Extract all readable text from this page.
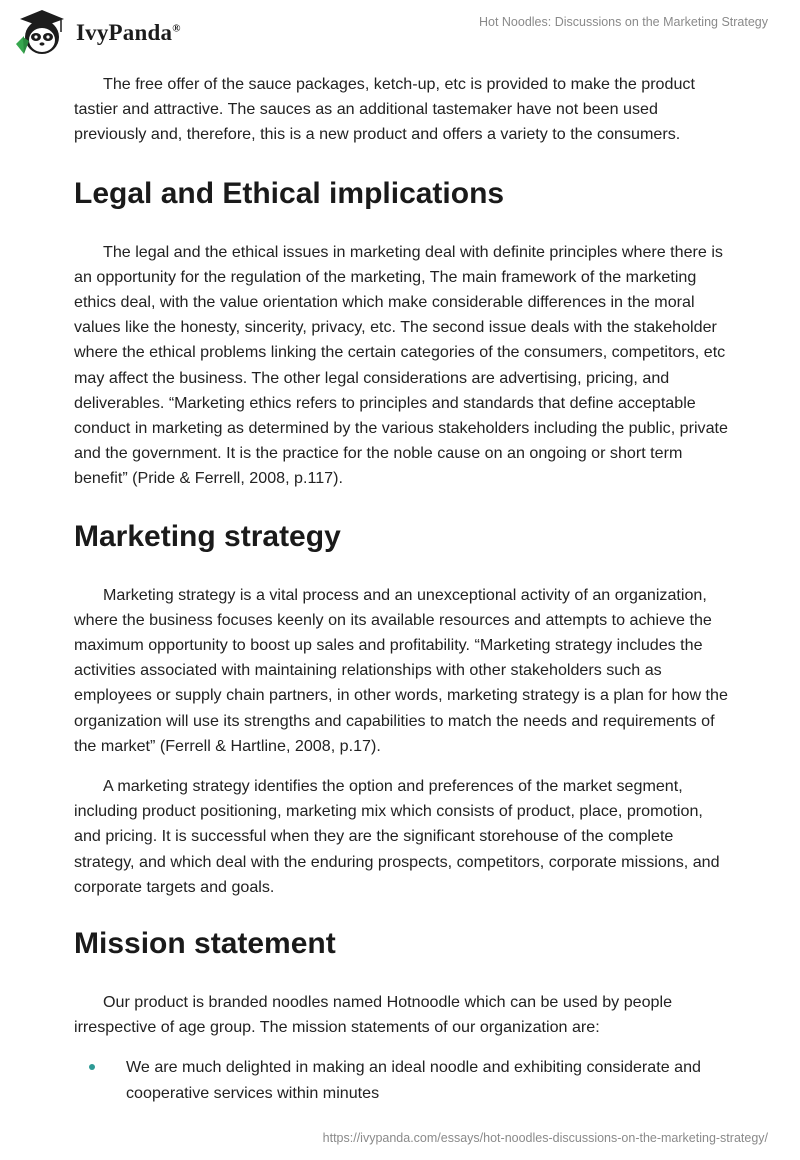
IvyPanda®	Hot Noodles: Discussions on the Marketing Strategy

The free offer of the sauce packages, ketch-up, etc is provided to make the product tastier and attractive. The sauces as an additional tastemaker have not been used previously and, therefore, this is a new product and offers a variety to the consumers.

Legal and Ethical implications

The legal and the ethical issues in marketing deal with definite principles where there is an opportunity for the regulation of the marketing, The main framework of the marketing ethics deal, with the value orientation which make considerable differences in the moral values like the honesty, sincerity, privacy, etc. The second issue deals with the stakeholder where the ethical problems linking the certain categories of the consumers, competitors, etc may affect the business. The other legal considerations are advertising, pricing, and deliverables. “Marketing ethics refers to principles and standards that define acceptable conduct in marketing as determined by the various stakeholders including the public, private and the government. It is the practice for the noble cause on an ongoing or short term benefit” (Pride & Ferrell, 2008, p.117).

Marketing strategy

Marketing strategy is a vital process and an unexceptional activity of an organization, where the business focuses keenly on its available resources and attempts to achieve the maximum opportunity to boost up sales and profitability. “Marketing strategy includes the activities associated with maintaining relationships with other stakeholders such as employees or supply chain partners, in other words, marketing strategy is a plan for how the organization will use its strengths and capabilities to match the needs and requirements of the market” (Ferrell & Hartline, 2008, p.17).

A marketing strategy identifies the option and preferences of the market segment, including product positioning, marketing mix which consists of product, place, promotion, and pricing. It is successful when they are the significant storehouse of the complete strategy, and which deal with the enduring prospects, competitors, corporate missions, and corporate targets and goals.

Mission statement

Our product is branded noodles named Hotnoodle which can be used by people irrespective of age group. The mission statements of our organization are:

We are much delighted in making an ideal noodle and exhibiting considerate and cooperative services within minutes
https://ivypanda.com/essays/hot-noodles-discussions-on-the-marketing-strategy/
